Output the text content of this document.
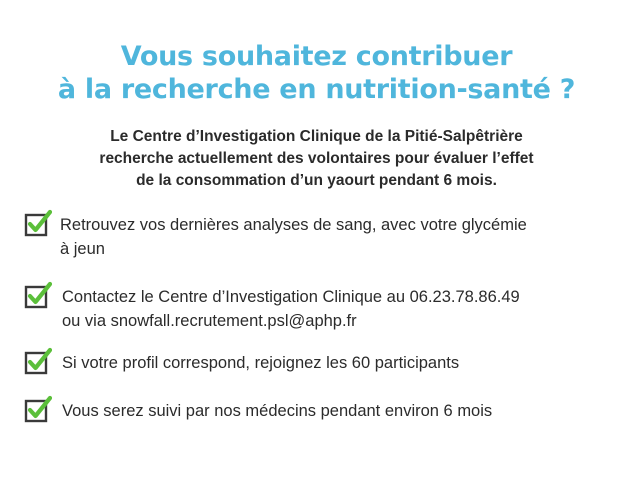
Vous souhaitez contribuer
à la recherche en nutrition-santé ?

Le Centre d’Investigation Clinique de la Pitié-Salpêtrière
recherche actuellement des volontaires pour évaluer l’effet
de la consommation d’un yaourt pendant 6 mois.

Retrouvez vos dernières analyses de sang, avec votre glycémie
à jeun
Contactez le Centre d’Investigation Clinique au 06.23.78.86.49
ou via snowfall.recrutement.psl@aphp.fr
Si votre profil correspond, rejoignez les 60 participants
Vous serez suivi par nos médecins pendant environ 6 mois
